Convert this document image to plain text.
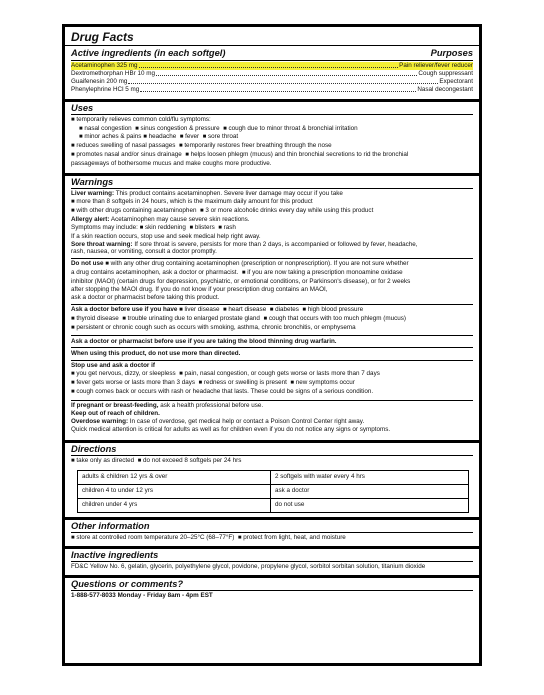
Drug Facts
Active ingredients (in each softgel)	Purposes
Acetaminophen 325 mg	Pain reliever/fever reducer
Dextromethorphan HBr 10 mg	Cough suppressant
Guaifenesin 200 mg	Expectorant
Phenylephrine HCl 5 mg	Nasal decongestant
Uses

■ temporarily relieves common cold/flu symptoms:

■ nasal congestion ■ sinus congestion & pressure ■ cough due to minor throat & bronchial irritation

■ minor aches & pains ■ headache ■ fever ■ sore throat

■ reduces swelling of nasal passages ■ temporarily restores freer breathing through the nose

■ promotes nasal and/or sinus drainage ■ helps loosen phlegm (mucus) and thin bronchial secretions to rid the bronchial

passageways of bothersome mucus and make coughs more productive.

Warnings

Liver warning: This product contains acetaminophen. Severe liver damage may occur if you take

■ more than 8 softgels in 24 hours, which is the maximum daily amount for this product

■ with other drugs containing acetaminophen ■ 3 or more alcoholic drinks every day while using this product

Allergy alert: Acetaminophen may cause severe skin reactions.

Symptoms may include: ■ skin reddening ■ blisters ■ rash

If a skin reaction occurs, stop use and seek medical help right away.

Sore throat warning: If sore throat is severe, persists for more than 2 days, is accompanied or followed by fever, headache,

rash, nausea, or vomiting, consult a doctor promptly.

Do not use ■ with any other drug containing acetaminophen (prescription or nonprescription). If you are not sure whether

a drug contains acetaminophen, ask a doctor or pharmacist. ■ if you are now taking a prescription monoamine oxidase

inhibitor (MAOI) (certain drugs for depression, psychiatric, or emotional conditions, or Parkinson's disease), or for 2 weeks

after stopping the MAOI drug. If you do not know if your prescription drug contains an MAOI,

ask a doctor or pharmacist before taking this product.

Ask a doctor before use if you have ■ liver disease ■ heart disease ■ diabetes ■ high blood pressure

■ thyroid disease ■ trouble urinating due to enlarged prostate gland ■ cough that occurs with too much phlegm (mucus)

■ persistent or chronic cough such as occurs with smoking, asthma, chronic bronchitis, or emphysema

Ask a doctor or pharmacist before use if you are taking the blood thinning drug warfarin.

When using this product, do not use more than directed.

Stop use and ask a doctor if

■ you get nervous, dizzy, or sleepless ■ pain, nasal congestion, or cough gets worse or lasts more than 7 days

■ fever gets worse or lasts more than 3 days ■ redness or swelling is present ■ new symptoms occur

■ cough comes back or occurs with rash or headache that lasts. These could be signs of a serious condition.

If pregnant or breast-feeding, ask a health professional before use.

Keep out of reach of children.

Overdose warning: In case of overdose, get medical help or contact a Poison Control Center right away.

Quick medical attention is critical for adults as well as for children even if you do not notice any signs or symptoms.

Directions

■ take only as directed ■ do not exceed 8 softgels per 24 hrs

adults & children 12 yrs & over	2 softgels with water every 4 hrs
children 4 to under 12 yrs	ask a doctor
children under 4 yrs	do not use
Other information

■ store at controlled room temperature 20–25°C (68–77°F) ■ protect from light, heat, and moisture

Inactive ingredients

FD&C Yellow No. 6, gelatin, glycerin, polyethylene glycol, povidone, propylene glycol, sorbitol sorbitan solution, titanium dioxide

Questions or comments?

1-888-577-8033 Monday - Friday 8am - 4pm EST
